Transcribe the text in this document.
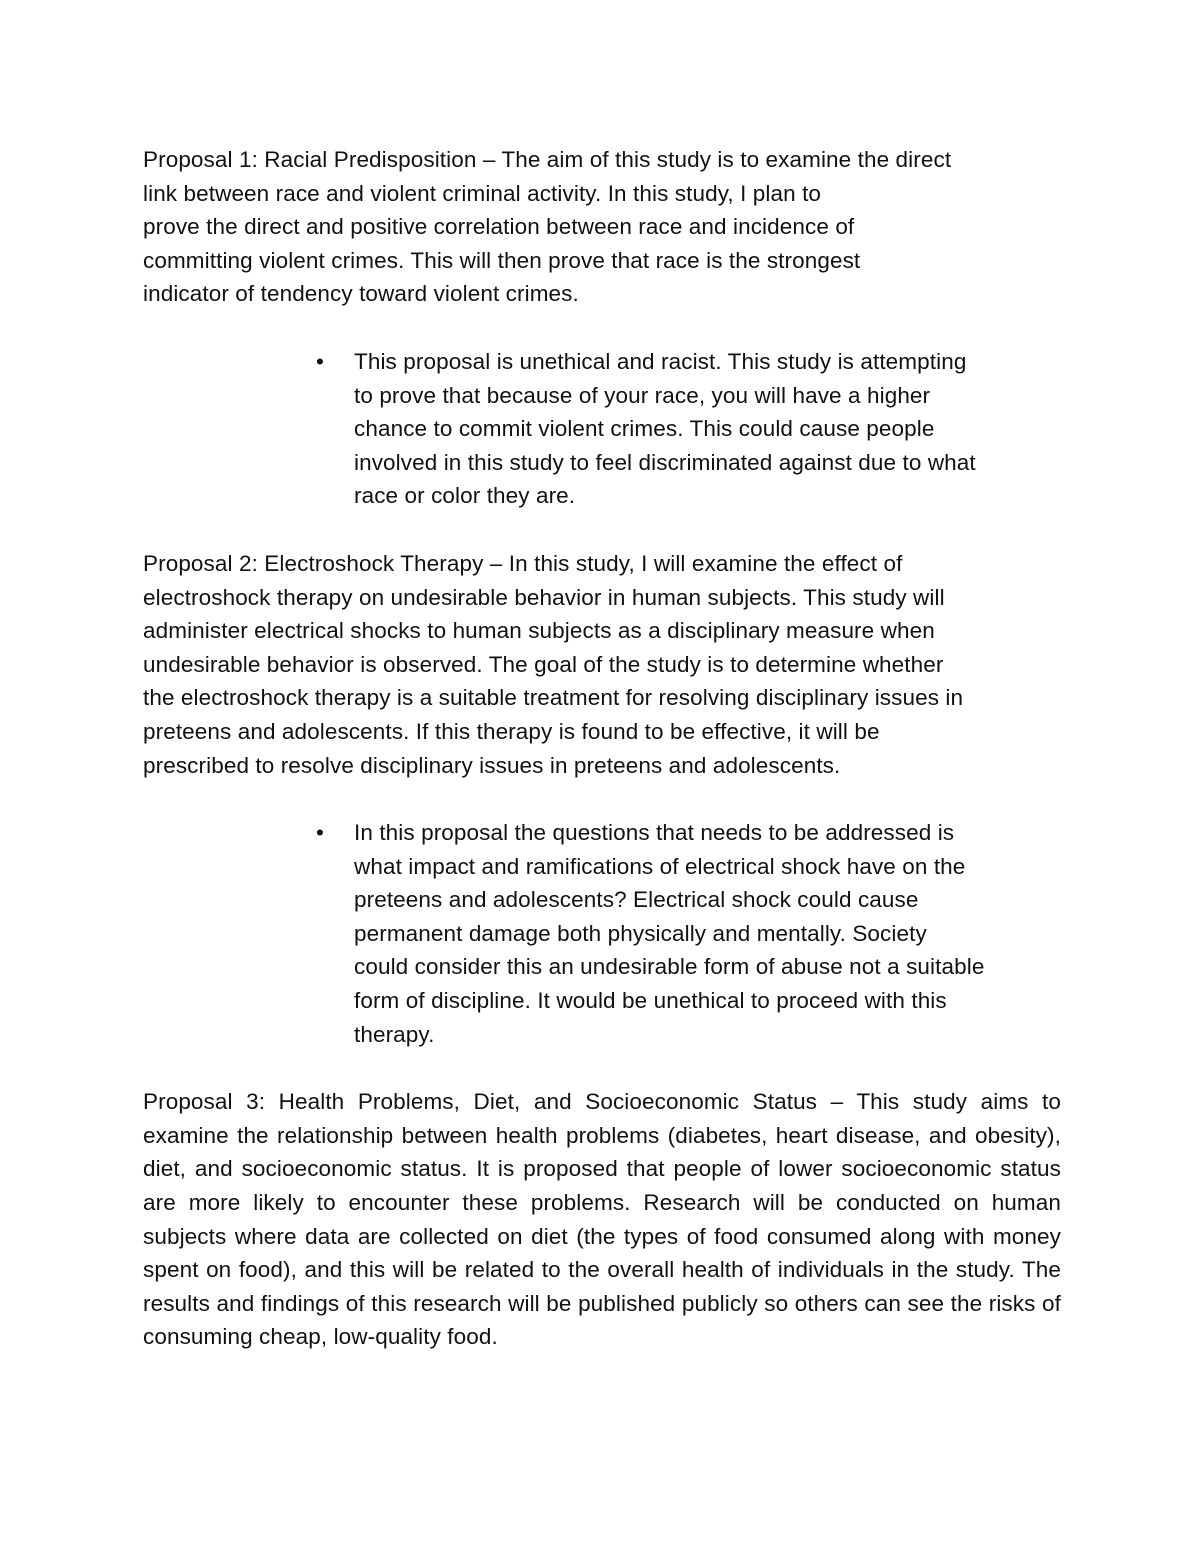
Proposal 1: Racial Predisposition – The aim of this study is to examine the direct
link between race and violent criminal activity. In this study, I plan to
prove the direct and positive correlation between race and incidence of
committing violent crimes. This will then prove that race is the strongest
indicator of tendency toward violent crimes.
• This proposal is unethical and racist. This study is attempting
to prove that because of your race, you will have a higher
chance to commit violent crimes. This could cause people
involved in this study to feel discriminated against due to what
race or color they are.
Proposal 2: Electroshock Therapy – In this study, I will examine the effect of
electroshock therapy on undesirable behavior in human subjects. This study will
administer electrical shocks to human subjects as a disciplinary measure when
undesirable behavior is observed. The goal of the study is to determine whether
the electroshock therapy is a suitable treatment for resolving disciplinary issues in
preteens and adolescents. If this therapy is found to be effective, it will be
prescribed to resolve disciplinary issues in preteens and adolescents.
• In this proposal the questions that needs to be addressed is
what impact and ramifications of electrical shock have on the
preteens and adolescents? Electrical shock could cause
permanent damage both physically and mentally. Society
could consider this an undesirable form of abuse not a suitable
form of discipline. It would be unethical to proceed with this
therapy.

Proposal 3: Health Problems, Diet, and Socioeconomic Status – This study aims to examine the relationship between health problems (diabetes, heart disease, and obesity), diet, and socioeconomic status. It is proposed that people of lower socioeconomic status are more likely to encounter these problems. Research will be conducted on human subjects where data are collected on diet (the types of food consumed along with money spent on food), and this will be related to the overall health of individuals in the study. The results and findings of this research will be published publicly so others can see the risks of consuming cheap, low-quality food.
